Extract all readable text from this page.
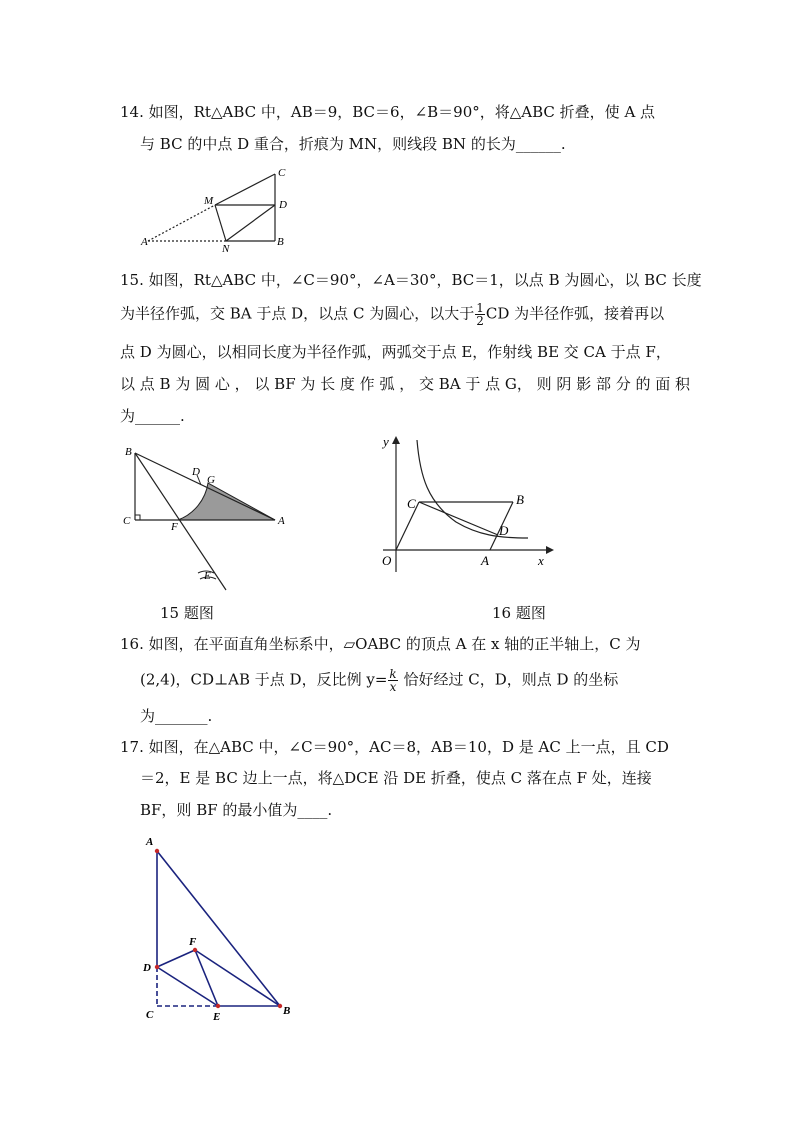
14. 如图，Rt△ABC 中，AB＝9，BC＝6，∠B＝90°，将△ABC 折叠，使 A 点
与 BC 的中点 D 重合，折痕为 MN，则线段 BN 的长为______.
C
M	D
A
N
B
15. 如图，Rt△ABC 中，∠C＝90°，∠A＝30°，BC＝1，以点 B 为圆心，以 BC 长度
为半径作弧，交 BA 于点 D，以点 C 为圆心，以大于 $\frac{1}{2}$ CD 为半径作弧，接着再以
点 D 为圆心，以相同长度为半径作弧，两弧交于点 E，作射线 BE 交 CA 于点 F，
以 点 B 为 圆 心 ， 以 BF 为 长 度 作 弧 ， 交 BA 于 点 G， 则 阴 影 部 分 的 面 积
为______.
B
D
G
C	F	A
E
15 题图
y
C	B
D
O	A	x
16 题图
16. 如图，在平面直角坐标系中，▱OABC 的顶点 A 在 x 轴的正半轴上，C 为
(2,4)，CD⊥AB 于点 D，反比例 $y= \frac{k}{x}$ 恰好经过 C，D，则点 D 的坐标
为_______.
17. 如图，在△ABC 中，∠C＝90°，AC＝8，AB＝10，D 是 AC 上一点，且 CD
＝2，E 是 BC 边上一点，将△DCE 沿 DE 折叠，使点 C 落在点 F 处，连接
BF，则 BF 的最小值为____.
A
F
D
C	E	B
